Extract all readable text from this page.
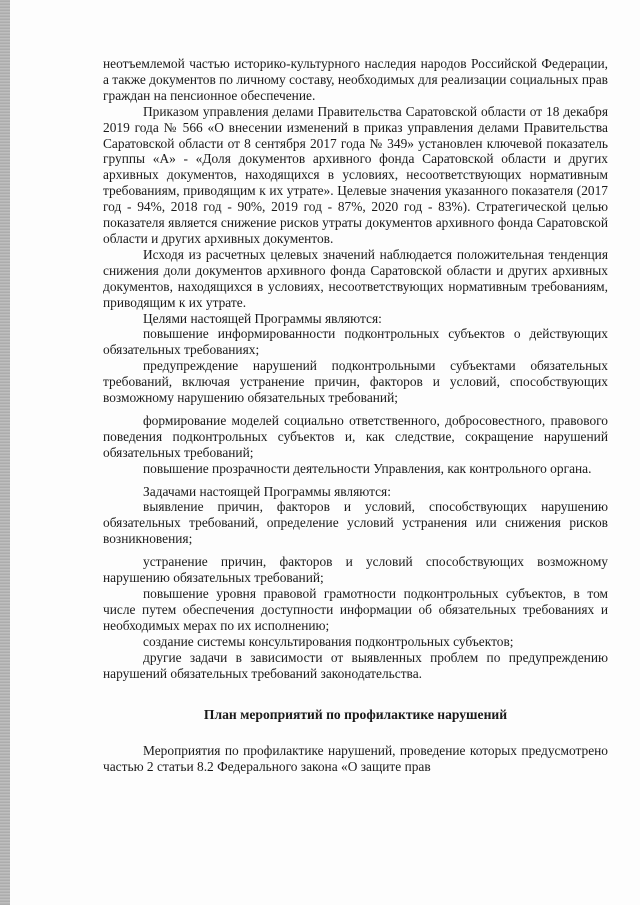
неотъемлемой частью историко-культурного наследия народов Российской Федерации, а также документов по личному составу, необходимых для реализации социальных прав граждан на пенсионное обеспечение.

Приказом управления делами Правительства Саратовской области от 18 декабря 2019 года № 566 «О внесении изменений в приказ управления делами Правительства Саратовской области от 8 сентября 2017 года № 349» установлен ключевой показатель группы «А» - «Доля документов архивного фонда Саратовской области и других архивных документов, находящихся в условиях, несоответствующих нормативным требованиям, приводящим к их утрате». Целевые значения указанного показателя (2017 год - 94%, 2018 год - 90%, 2019 год - 87%, 2020 год - 83%). Стратегической целью показателя является снижение рисков утраты документов архивного фонда Саратовской области и других архивных документов.

Исходя из расчетных целевых значений наблюдается положительная тенденция снижения доли документов архивного фонда Саратовской области и других архивных документов, находящихся в условиях, несоответствующих нормативным требованиям, приводящим к их утрате.

Целями настоящей Программы являются:

повышение информированности подконтрольных субъектов о действующих обязательных требованиях;

предупреждение нарушений подконтрольными субъектами обязательных требований, включая устранение причин, факторов и условий, способствующих возможному нарушению обязательных требований;

формирование моделей социально ответственного, добросовестного, правового поведения подконтрольных субъектов и, как следствие, сокращение нарушений обязательных требований;

повышение прозрачности деятельности Управления, как контрольного органа.

Задачами настоящей Программы являются:

выявление причин, факторов и условий, способствующих нарушению обязательных требований, определение условий устранения или снижения рисков возникновения;

устранение причин, факторов и условий способствующих возможному нарушению обязательных требований;

повышение уровня правовой грамотности подконтрольных субъектов, в том числе путем обеспечения доступности информации об обязательных требованиях и необходимых мерах по их исполнению;

создание системы консультирования подконтрольных субъектов;

другие задачи в зависимости от выявленных проблем по предупреждению нарушений обязательных требований законодательства.

План мероприятий по профилактике нарушений

Мероприятия по профилактике нарушений, проведение которых предусмотрено частью 2 статьи 8.2 Федерального закона «О защите прав
